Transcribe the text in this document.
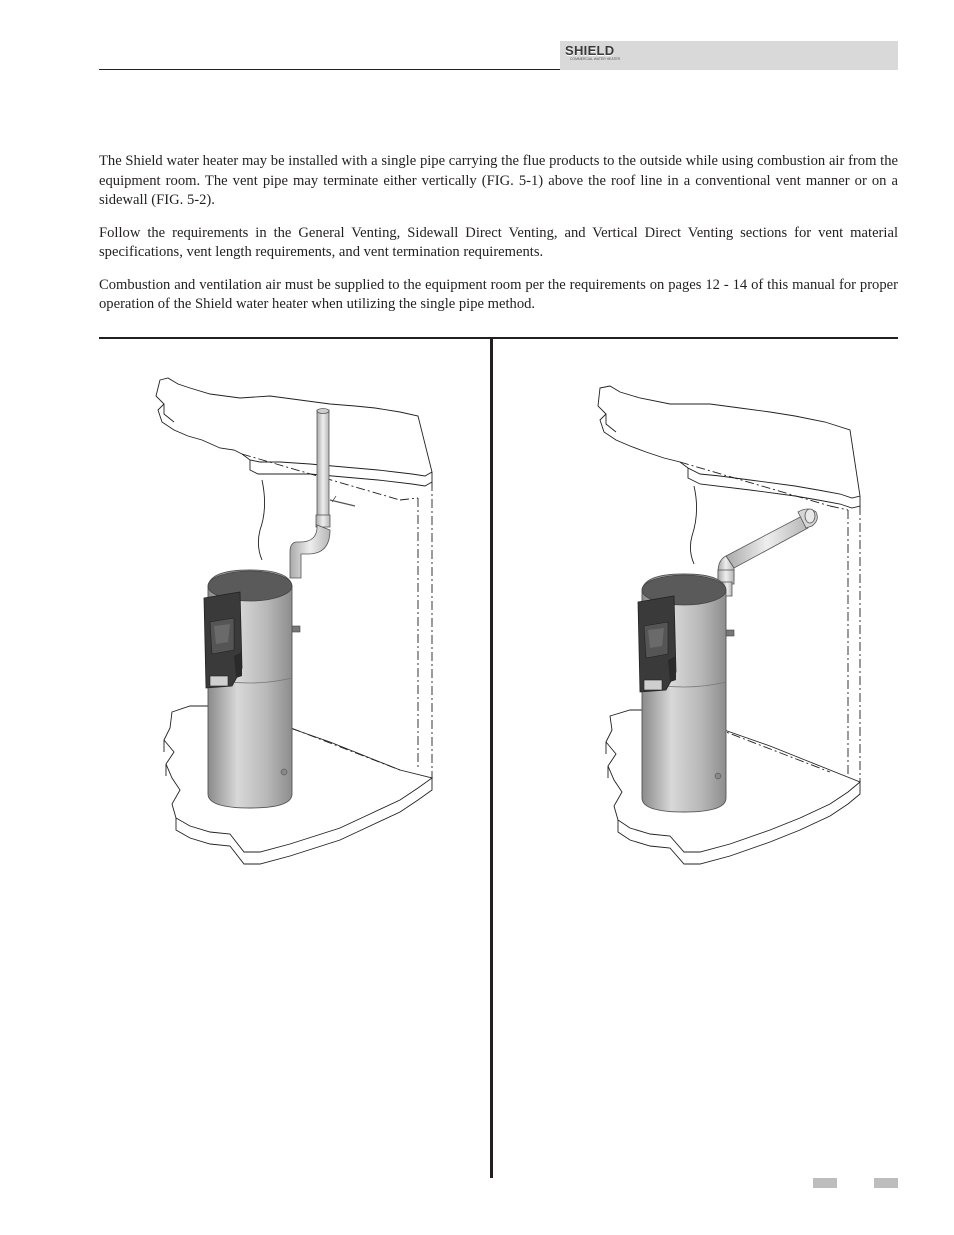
SHIELD
COMMERCIAL WATER HEATER

The Shield water heater may be installed with a single pipe carrying the flue products to the outside while using combustion air from the equipment room. The vent pipe may terminate either vertically (FIG. 5-1) above the roof line in a conventional vent manner or on a sidewall (FIG. 5-2).

Follow the requirements in the General Venting, Sidewall Direct Venting, and Vertical Direct Venting sections for vent material specifications, vent length requirements, and vent termination requirements.

Combustion and ventilation air must be supplied to the equipment room per the requirements on pages 12 - 14 of this manual for proper operation of the Shield water heater when utilizing the single pipe method.
